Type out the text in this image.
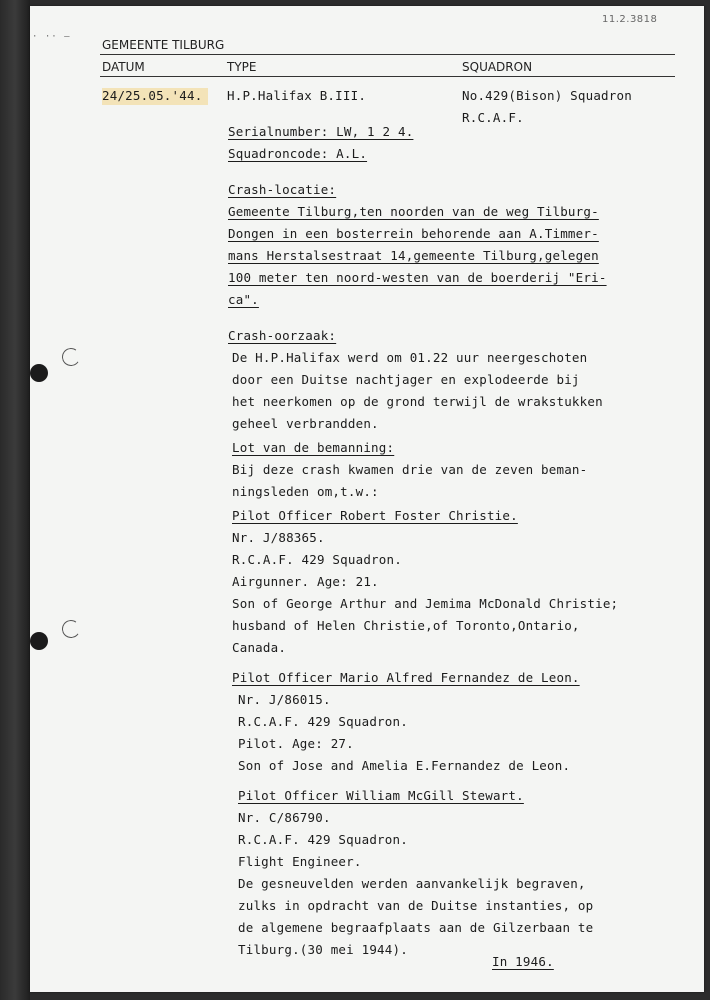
· ·· —
11.2.3818
GEMEENTE TILBURG
DATUM	TYPE	SQUADRON
24/25.05.'44.	H.P.Halifax B.III.	No.429(Bison) Squadron
R.C.A.F.
Serialnumber: LW, 1 2 4.
Squadroncode: A.L.
Crash-locatie:
Gemeente Tilburg,ten noorden van de weg Tilburg-
Dongen in een bosterrein behorende aan A.Timmer-
mans Herstalsestraat 14,gemeente Tilburg,gelegen
100 meter ten noord-westen van de boerderij "Eri-
ca".
Crash-oorzaak:
De H.P.Halifax werd om 01.22 uur neergeschoten
door een Duitse nachtjager en explodeerde bij
het neerkomen op de grond terwijl de wrakstukken
geheel verbrandden.
Lot van de bemanning:
Bij deze crash kwamen drie van de zeven beman-
ningsleden om,t.w.:
Pilot Officer Robert Foster Christie.
Nr. J/88365.
R.C.A.F. 429 Squadron.
Airgunner. Age: 21.
Son of George Arthur and Jemima McDonald Christie;
husband of Helen Christie,of Toronto,Ontario,
Canada.
Pilot Officer Mario Alfred Fernandez de Leon.
Nr. J/86015.
R.C.A.F. 429 Squadron.
Pilot. Age: 27.
Son of Jose and Amelia E.Fernandez de Leon.
Pilot Officer William McGill Stewart.
Nr. C/86790.
R.C.A.F. 429 Squadron.
Flight Engineer.
De gesneuvelden werden aanvankelijk begraven,
zulks in opdracht van de Duitse instanties, op
de algemene begraafplaats aan de Gilzerbaan te
Tilburg.(30 mei 1944).
In 1946.
